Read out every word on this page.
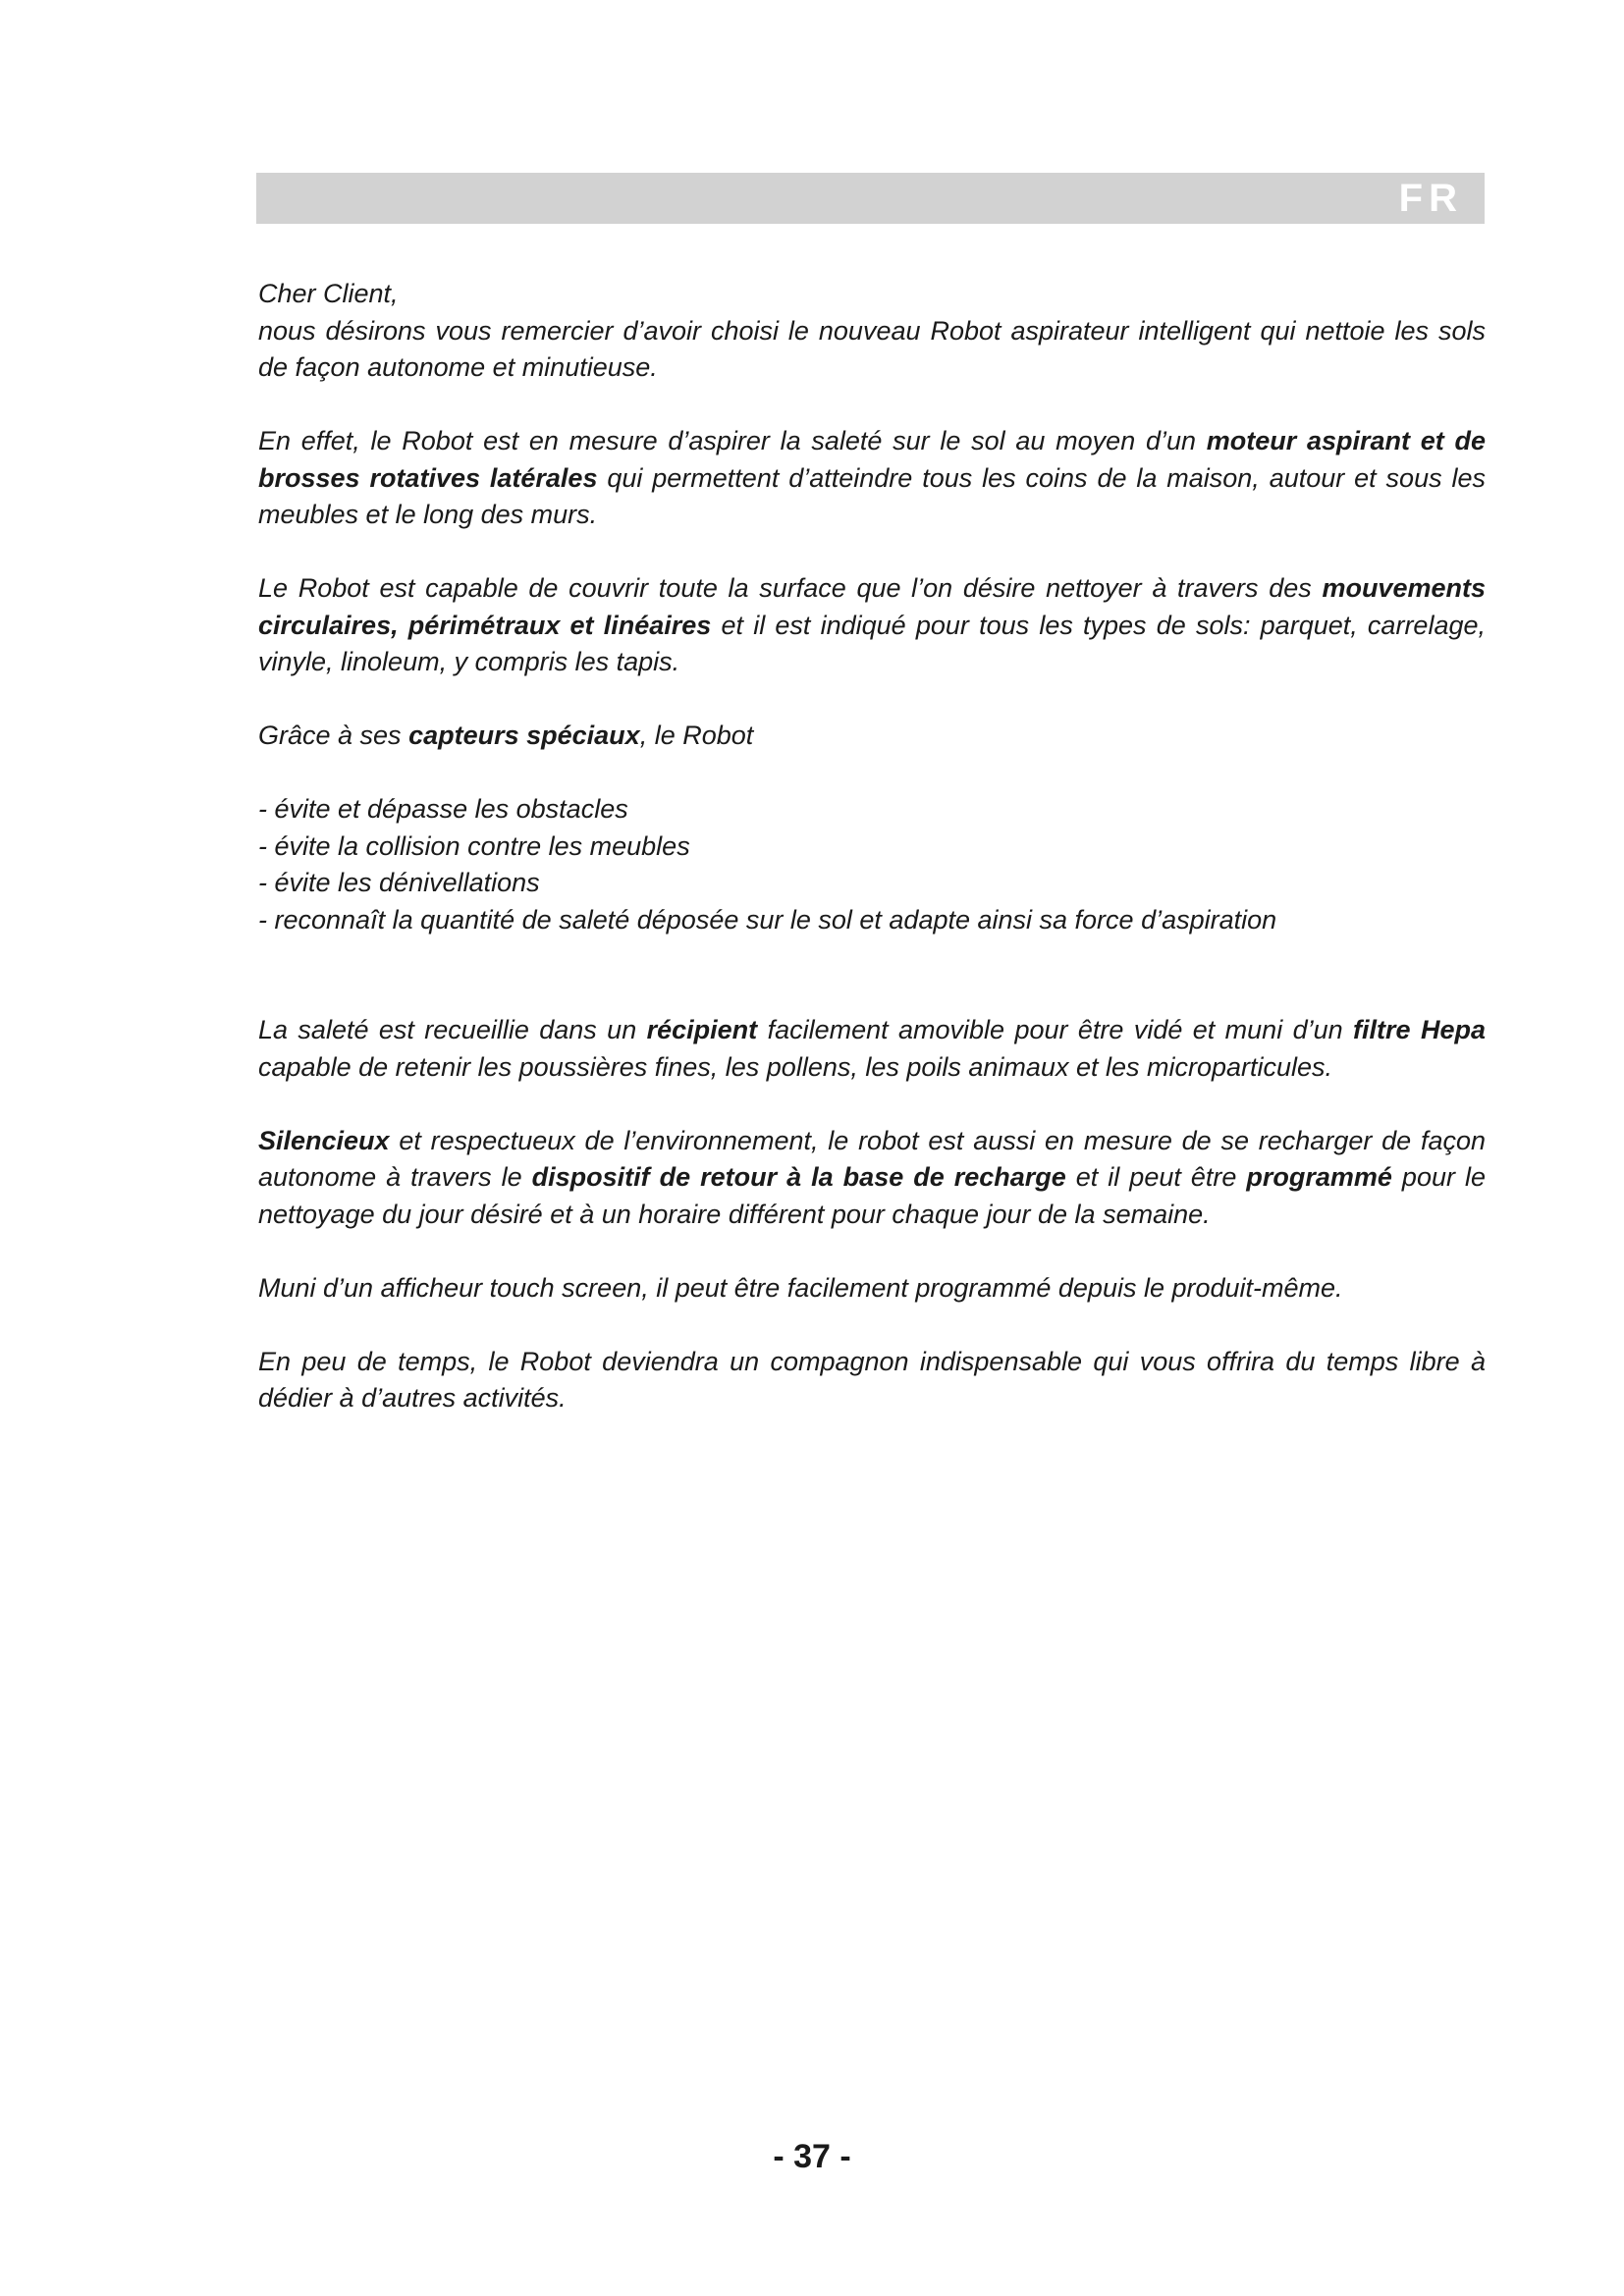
FR

Cher Client,
nous désirons vous remercier d’avoir choisi le nouveau Robot aspirateur intelligent qui nettoie les sols de façon autonome et minutieuse.

En effet, le Robot est en mesure d’aspirer la saleté sur le sol au moyen d’un moteur aspirant et de brosses rotatives latérales qui permettent d’atteindre tous les coins de la maison, autour et sous les meubles et le long des murs.

Le Robot est capable de couvrir toute la surface que l’on désire nettoyer à travers des mouvements circulaires, périmétraux et linéaires et il est indiqué pour tous les types de sols: parquet, carrelage, vinyle, linoleum, y compris les tapis.

Grâce à ses capteurs spéciaux, le Robot

- évite et dépasse les obstacles
- évite la collision contre les meubles
- évite les dénivellations
- reconnaît la quantité de saleté déposée sur le sol et adapte ainsi sa force d’aspiration

La saleté est recueillie dans un récipient facilement amovible pour être vidé et muni d’un filtre Hepa capable de retenir les poussières fines, les pollens, les poils animaux et les microparticules.

Silencieux et respectueux de l’environnement, le robot est aussi en mesure de se recharger de façon autonome à travers le dispositif de retour à la base de recharge et il peut être programmé pour le nettoyage du jour désiré et à un horaire différent pour chaque jour de la semaine.

Muni d’un afficheur touch screen, il peut être facilement programmé depuis le produit-même.

En peu de temps, le Robot deviendra un compagnon indispensable qui vous offrira du temps libre à dédier à d’autres activités.

- 37 -
